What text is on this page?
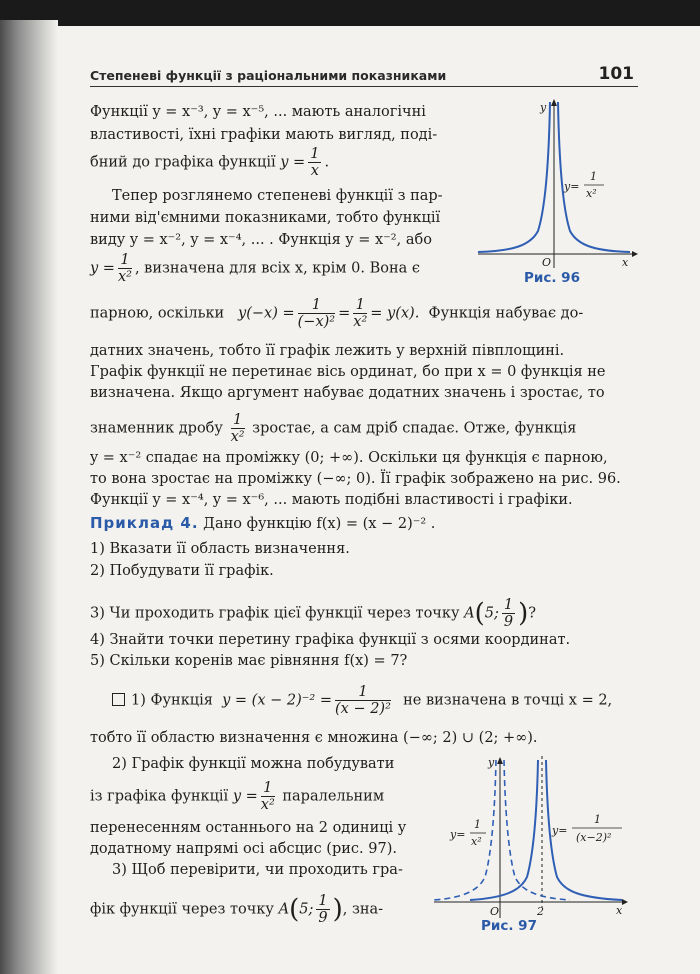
Степеневі функції з раціональними показниками	101
Функції y = x⁻³, y = x⁻⁵, ... мають аналогічні
властивості, їхні графіки мають вигляд, поді-
бний до графіка функції $y = \frac{1}{x}$ .
Тепер розглянемо степеневі функції з пар-
ними від'ємними показниками, тобто функції
виду y = x⁻², y = x⁻⁴, ... . Функція y = x⁻², або
$y = \frac{1}{\text{x²}}$ , визначена для всіх x, крім 0. Вона є
парною, оскільки $y(-x) = \frac{1}{\text{(−x)²}} = \frac{1}{\text{x²}} = y(x)$. Функція набуває до-
датних значень, тобто її графік лежить у верхній півплощині.
Графік функції не перетинає вісь ординат, бо при x = 0 функція не
визначена. Якщо аргумент набуває додатних значень і зростає, то
знаменник дробу $\frac{1}{\text{x²}}$ зростає, а сам дріб спадає. Отже, функція
y = x⁻² спадає на проміжку (0; +∞). Оскільки ця функція є парною,
то вона зростає на проміжку (−∞; 0). Її графік зображено на рис. 96.
Функції y = x⁻⁴, y = x⁻⁶, ... мають подібні властивості і графіки.
y
x
O
y=
1
x²
Рис. 96
Приклад 4. Дано функцію f(x) = (x − 2)⁻² .
1) Вказати її область визначення.
2) Побудувати її графік.
3) Чи проходить графік цієї функції через точку A(5; $\frac{1}{9}$ )?
4) Знайти точки перетину графіка функції з осями координат.
5) Скільки коренів має рівняння f(x) = 7?
1) Функція $y = (x - 2)^{-2} = \frac{1}{\text{(x − 2)²}}$ не визначена в точці x = 2,
тобто її областю визначення є множина (−∞; 2) ∪ (2; +∞).
2) Графік функції можна побудувати
із графіка функції $y = \frac{1}{\text{x²}}$ паралельним
перенесенням останнього на 2 одиниці у
додатному напрямі осі абсцис (рис. 97).
3) Щоб перевірити, чи проходить гра-
фік функції через точку A(5; $\frac{1}{9}$ ), зна-
y
x
O	2
y=
1
x²
y=
1
(x−2)²
Рис. 97
